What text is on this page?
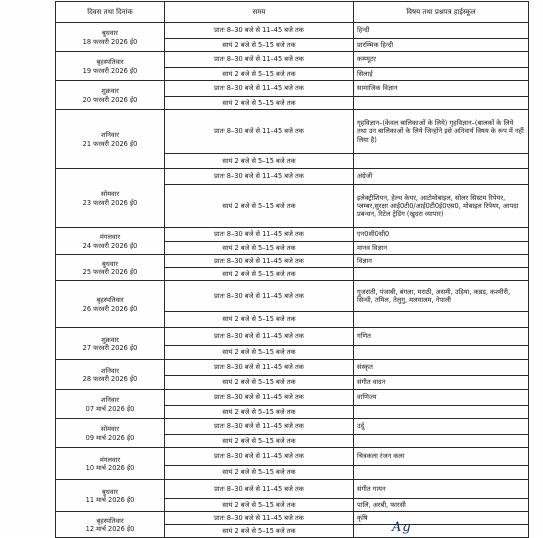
दिवस तथा दिनांक	समय	विषय तथा प्रश्नपत्र हाईस्कूल

बुधवार
18 फरवरी 2026 ई0	प्रातः 8–30 बजे से 11–45 बजे तक	हिन्दी
	सायं 2 बजे से 5–15 बजे तक	प्रारम्भिक हिन्दी

बृहस्पतिवार
19 फरवरी 2026 ई0	प्रातः 8–30 बजे से 11–45 बजे तक	कम्प्यूटर
	सायं 2 बजे से 5–15 बजे तक	सिलाई

शुक्रवार
20 फरवरी 2026 ई0	प्रातः 8–30 बजे से 11–45 बजे तक	सामाजिक विज्ञान
	सायं 2 बजे से 5–15 बजे तक	

शनिवार
21 फरवरी 2026 ई0	प्रातः 8–30 बजे से 11–45 बजे तक	गृहविज्ञान–(केवल बालिकाओं के लिये) गृहविज्ञान–(बालकों के लिये तथा उन बालिकाओं के लिये जिन्होंने इसे अनिवार्य विषय के रूप में नहीं लिया है)
	सायं 2 बजे से 5–15 बजे तक	

सोमवार
23 फरवरी 2026 ई0	प्रातः 8–30 बजे से 11–45 बजे तक	अंग्रेजी
	सायं 2 बजे से 5–15 बजे तक	इलेक्ट्रीशियन, हेल्थ केयर, आटोमोबाइल, सोलर सिस्टम रिपेयर, प्लम्बर,सुरक्षा आई0टी0/आई0टी0ई0एस0, मोबाइल रिपेयर, आपदा प्रबन्धन, रिटेल ट्रेडिंग (खुदरा व्यापार)

मंगलवार
24 फरवरी 2026 ई0	प्रातः 8–30 बजे से 11–45 बजे तक	एन0सी0सी0
	सायं 2 बजे से 5–15 बजे तक	मानव विज्ञान

बुधवार
25 फरवरी 2026 ई0	प्रातः 8–30 बजे से 11–45 बजे तक	विज्ञान
	सायं 2 बजे से 5–15 बजे तक	

बृहस्पतिवार
26 फरवरी 2026 ई0	प्रातः 8–30 बजे से 11–45 बजे तक	गुजराती, पंजाबी, बंगला, मराठी, असमी, उड़िया, कन्नड़, कश्मीरी, सिन्धी, तमिल, तेलुगु, मलयालम, नेपाली
	सायं 2 बजे से 5–15 बजे तक	

शुक्रवार
27 फरवरी 2026 ई0	प्रातः 8–30 बजे से 11–45 बजे तक	गणित
	सायं 2 बजे से 5–15 बजे तक	

शनिवार
28 फरवरी 2026 ई0	प्रातः 8–30 बजे से 11–45 बजे तक	संस्कृत
	सायं 2 बजे से 5–15 बजे तक	संगीत वादन

शनिवार
07 मार्च 2026 ई0	प्रातः 8–30 बजे से 11–45 बजे तक	वाणिज्य
	सायं 2 बजे से 5–15 बजे तक	

सोमवार
09 मार्च 2026 ई0	प्रातः 8–30 बजे से 11–45 बजे तक	उर्दू
	सायं 2 बजे से 5–15 बजे तक	

मंगलवार
10 मार्च 2026 ई0	प्रातः 8–30 बजे से 11–45 बजे तक	चित्रकला रंजन कला
	सायं 2 बजे से 5–15 बजे तक	

बुधवार
11 मार्च 2026 ई0	प्रातः 8–30 बजे से 11–45 बजे तक	संगीत गायन
	सायं 2 बजे से 5–15 बजे तक	पालि, अरबी, फारसी

बृहस्पतिवार
12 मार्च 2026 ई0	प्रातः 8–30 बजे से 11–45 बजे तक	कृषि
	सायं 2 बजे से 5–15 बजे तक		Ag
